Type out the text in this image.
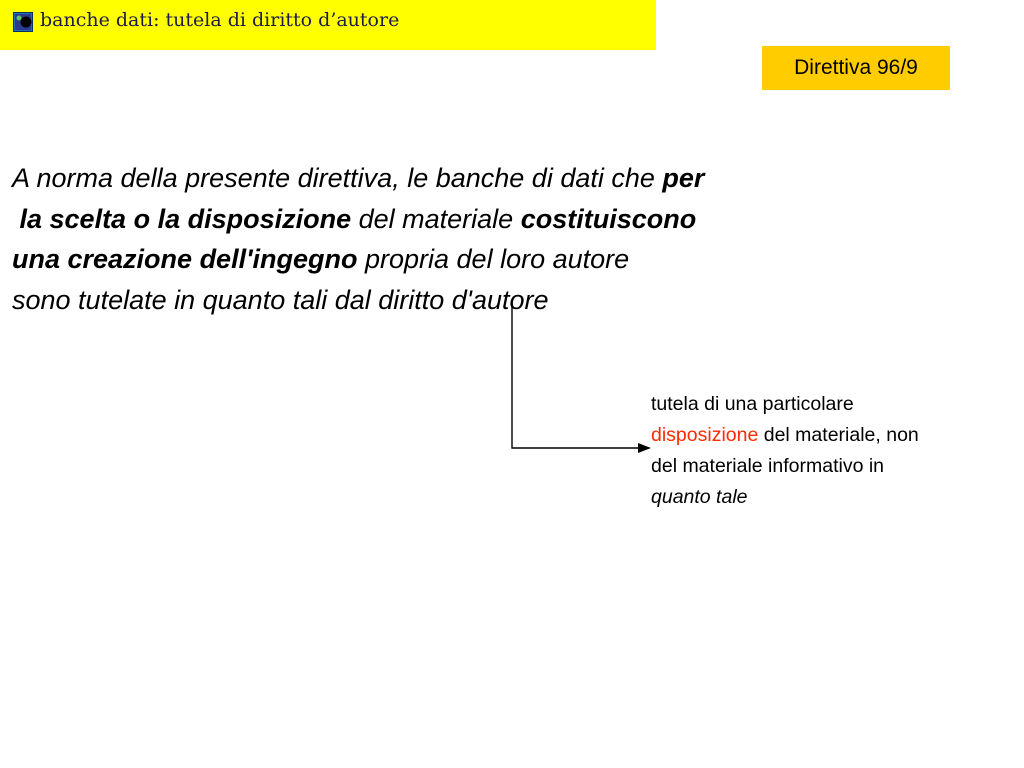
banche dati: tutela di diritto d’autore
Direttiva 96/9
A norma della presente direttiva, le banche di dati che per
la scelta o la disposizione del materiale costituiscono
una creazione dell'ingegno propria del loro autore
sono tutelate in quanto tali dal diritto d'autore
tutela di una particolare
disposizione del materiale, non
del materiale informativo in
quanto tale
